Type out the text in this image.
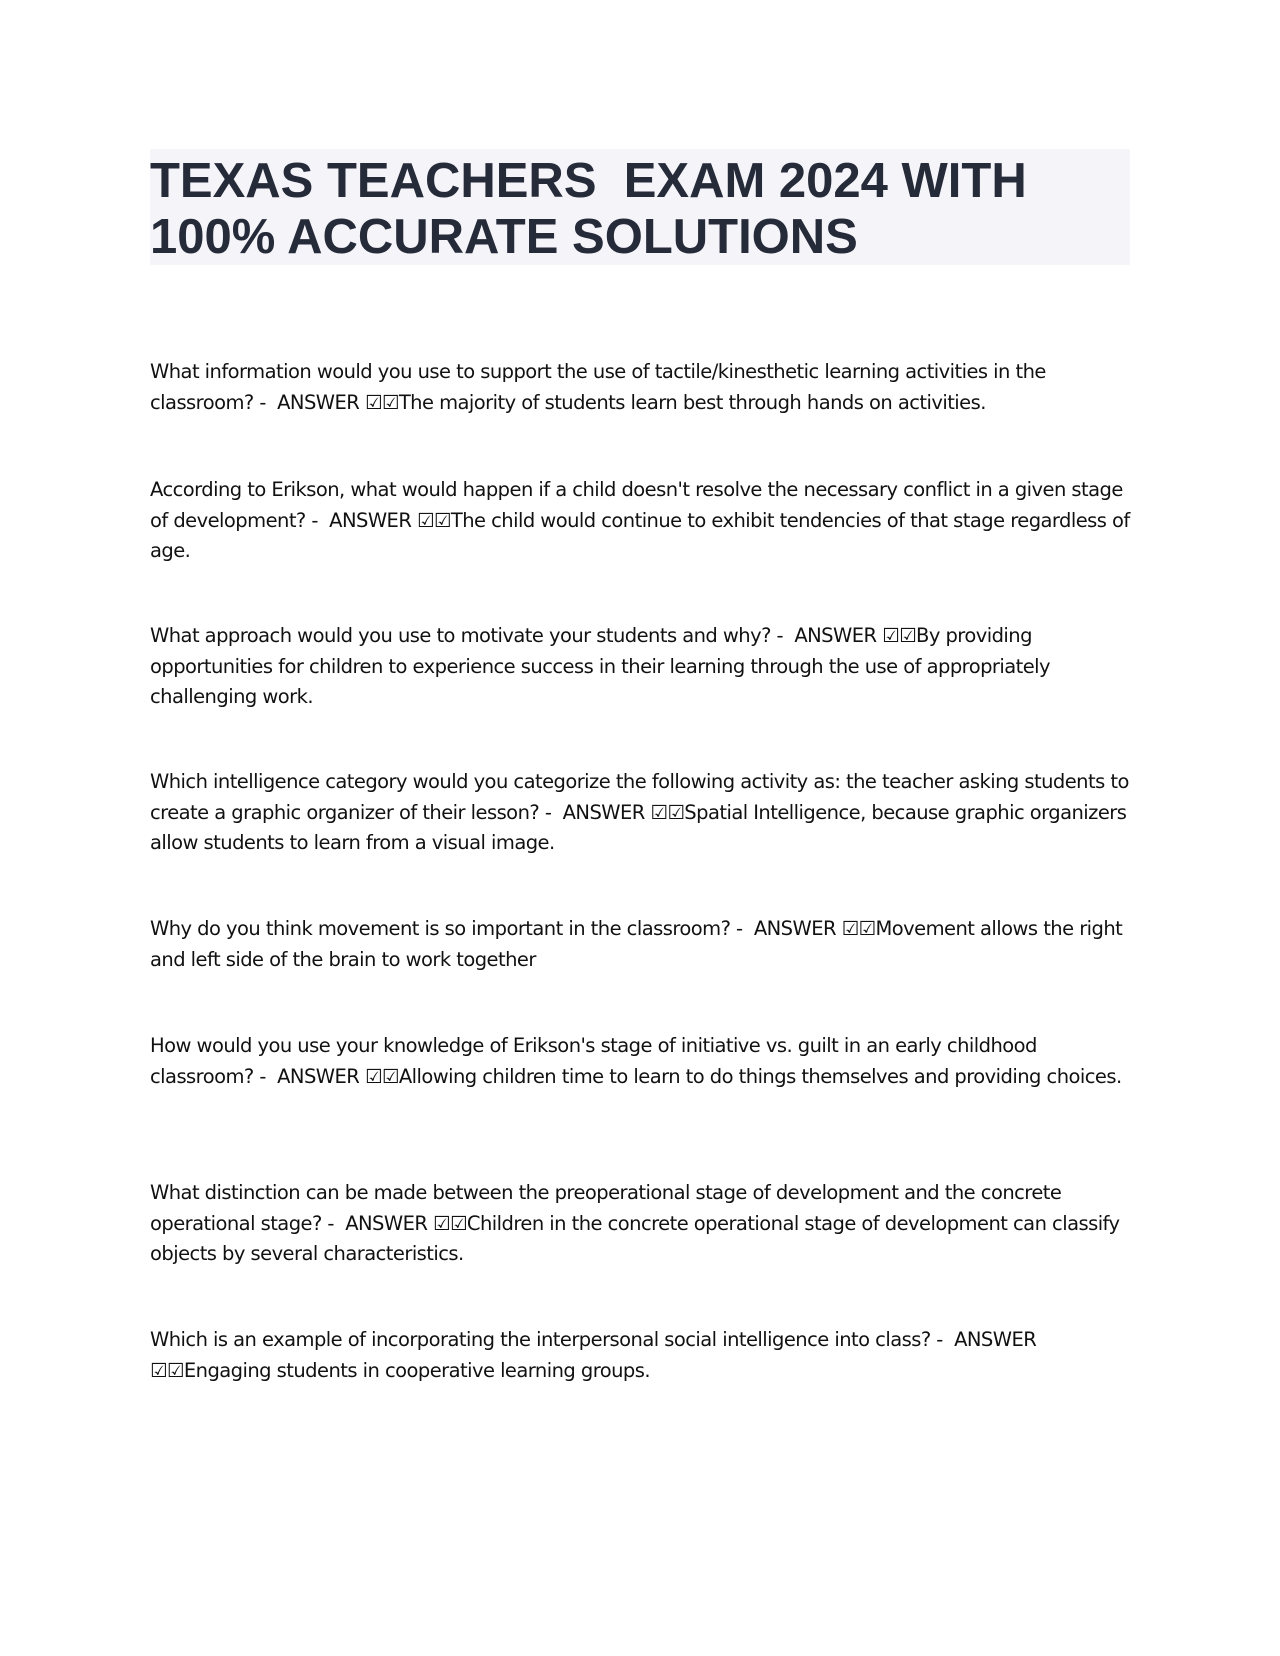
TEXAS TEACHERS  EXAM 2024 WITH 100% ACCURATE SOLUTIONS

What information would you use to support the use of tactile/kinesthetic learning activities in the classroom? -  ANSWER ☑☑The majority of students learn best through hands on activities.

According to Erikson, what would happen if a child doesn't resolve the necessary conflict in a given stage of development? -  ANSWER ☑☑The child would continue to exhibit tendencies of that stage regardless of age.

What approach would you use to motivate your students and why? -  ANSWER ☑☑By providing opportunities for children to experience success in their learning through the use of appropriately challenging work.

Which intelligence category would you categorize the following activity as: the teacher asking students to create a graphic organizer of their lesson? -  ANSWER ☑☑Spatial Intelligence, because graphic organizers allow students to learn from a visual image.

Why do you think movement is so important in the classroom? -  ANSWER ☑☑Movement allows the right and left side of the brain to work together

How would you use your knowledge of Erikson's stage of initiative vs. guilt in an early childhood classroom? -  ANSWER ☑☑Allowing children time to learn to do things themselves and providing choices.

What distinction can be made between the preoperational stage of development and the concrete operational stage? -  ANSWER ☑☑Children in the concrete operational stage of development can classify objects by several characteristics.

Which is an example of incorporating the interpersonal social intelligence into class? -  ANSWER ☑☑Engaging students in cooperative learning groups.
